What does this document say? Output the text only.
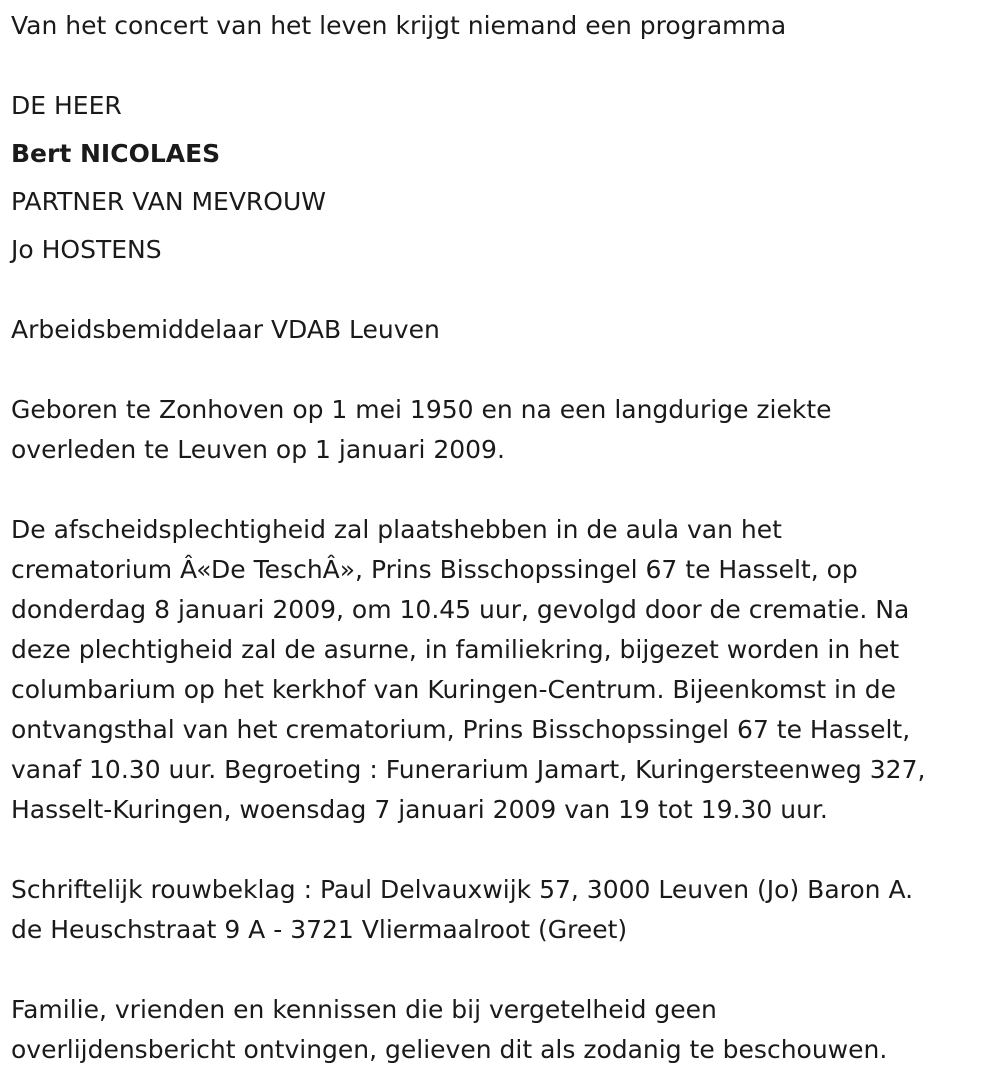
Van het concert van het leven krijgt niemand een programma
DE HEER
Bert NICOLAES
PARTNER VAN MEVROUW
Jo HOSTENS
Arbeidsbemiddelaar VDAB Leuven
Geboren te Zonhoven op 1 mei 1950 en na een langdurige ziekte
overleden te Leuven op 1 januari 2009.
De afscheidsplechtigheid zal plaatshebben in de aula van het
crematorium Â«De TeschÂ», Prins Bisschopssingel 67 te Hasselt, op
donderdag 8 januari 2009, om 10.45 uur, gevolgd door de crematie. Na
deze plechtigheid zal de asurne, in familiekring, bijgezet worden in het
columbarium op het kerkhof van Kuringen-Centrum. Bijeenkomst in de
ontvangsthal van het crematorium, Prins Bisschopssingel 67 te Hasselt,
vanaf 10.30 uur. Begroeting : Funerarium Jamart, Kuringersteenweg 327,
Hasselt-Kuringen, woensdag 7 januari 2009 van 19 tot 19.30 uur.
Schriftelijk rouwbeklag : Paul Delvauxwijk 57, 3000 Leuven (Jo) Baron A.
de Heuschstraat 9 A - 3721 Vliermaalroot (Greet)
Familie, vrienden en kennissen die bij vergetelheid geen
overlijdensbericht ontvingen, gelieven dit als zodanig te beschouwen.
